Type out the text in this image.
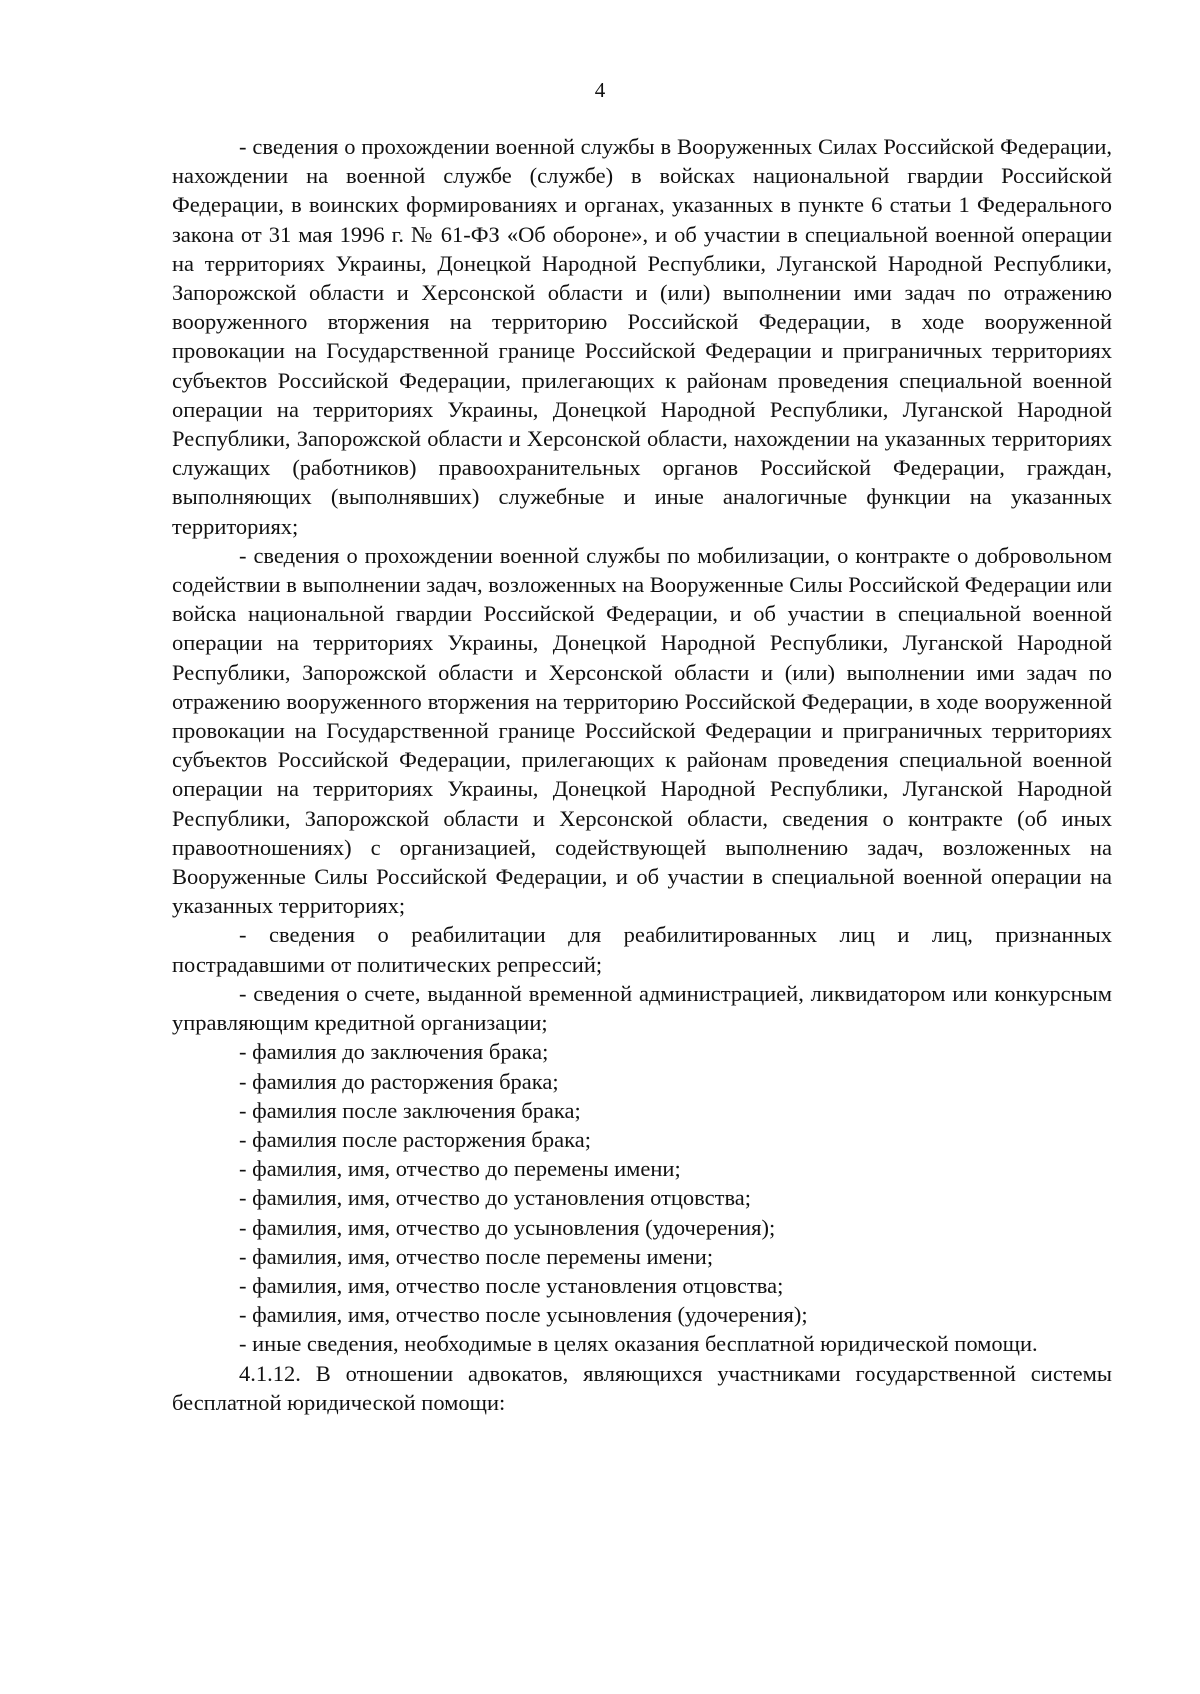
4

- сведения о прохождении военной службы в Вооруженных Силах Российской Федерации, нахождении на военной службе (службе) в войсках национальной гвардии Российской Федерации, в воинских формированиях и органах, указанных в пункте 6 статьи 1 Федерального закона от 31 мая 1996 г. № 61-ФЗ «Об обороне», и об участии в специальной военной операции на территориях Украины, Донецкой Народной Республики, Луганской Народной Республики, Запорожской области и Херсонской области и (или) выполнении ими задач по отражению вооруженного вторжения на территорию Российской Федерации, в ходе вооруженной провокации на Государственной границе Российской Федерации и приграничных территориях субъектов Российской Федерации, прилегающих к районам проведения специальной военной операции на территориях Украины, Донецкой Народной Республики, Луганской Народной Республики, Запорожской области и Херсонской области, нахождении на указанных территориях служащих (работников) правоохранительных органов Российской Федерации, граждан, выполняющих (выполнявших) служебные и иные аналогичные функции на указанных территориях;

- сведения о прохождении военной службы по мобилизации, о контракте о добровольном содействии в выполнении задач, возложенных на Вооруженные Силы Российской Федерации или войска национальной гвардии Российской Федерации, и об участии в специальной военной операции на территориях Украины, Донецкой Народной Республики, Луганской Народной Республики, Запорожской области и Херсонской области и (или) выполнении ими задач по отражению вооруженного вторжения на территорию Российской Федерации, в ходе вооруженной провокации на Государственной границе Российской Федерации и приграничных территориях субъектов Российской Федерации, прилегающих к районам проведения специальной военной операции на территориях Украины, Донецкой Народной Республики, Луганской Народной Республики, Запорожской области и Херсонской области, сведения о контракте (об иных правоотношениях) с организацией, содействующей выполнению задач, возложенных на Вооруженные Силы Российской Федерации, и об участии в специальной военной операции на указанных территориях;

- сведения о реабилитации для реабилитированных лиц и лиц, признанных пострадавшими от политических репрессий;

- сведения о счете, выданной временной администрацией, ликвидатором или конкурсным управляющим кредитной организации;

- фамилия до заключения брака;

- фамилия до расторжения брака;

- фамилия после заключения брака;

- фамилия после расторжения брака;

- фамилия, имя, отчество до перемены имени;

- фамилия, имя, отчество до установления отцовства;

- фамилия, имя, отчество до усыновления (удочерения);

- фамилия, имя, отчество после перемены имени;

- фамилия, имя, отчество после установления отцовства;

- фамилия, имя, отчество после усыновления (удочерения);

- иные сведения, необходимые в целях оказания бесплатной юридической помощи.

4.1.12. В отношении адвокатов, являющихся участниками государственной системы бесплатной юридической помощи:
